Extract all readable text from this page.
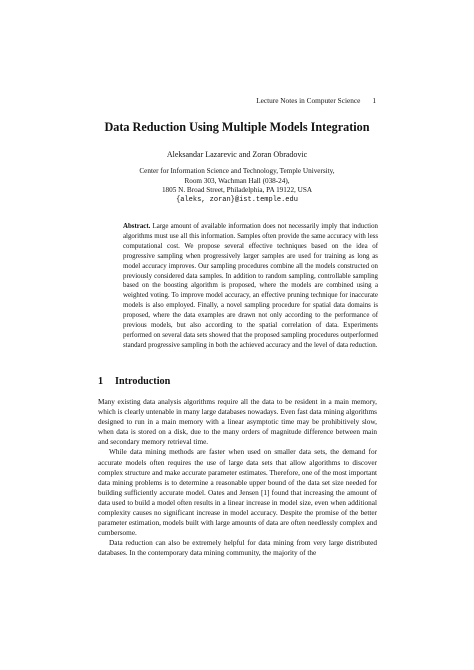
Lecture Notes in Computer Science 1
Data Reduction Using Multiple Models Integration
Aleksandar Lazarevic and Zoran Obradovic
Center for Information Science and Technology, Temple University,
Room 303, Wachman Hall (038-24),
1805 N. Broad Street, Philadelphia, PA 19122, USA
{aleks, zoran}@ist.temple.edu
Abstract. Large amount of available information does not necessarily imply that induction algorithms must use all this information. Samples often provide the same accuracy with less computational cost. We propose several effective techniques based on the idea of progressive sampling when progressively larger samples are used for training as long as model accuracy improves. Our sampling procedures combine all the models constructed on previously considered data samples. In addition to random sampling, controllable sampling based on the boosting algorithm is proposed, where the models are combined using a weighted voting. To improve model accuracy, an effective pruning technique for inaccurate models is also employed. Finally, a novel sampling procedure for spatial data domains is proposed, where the data examples are drawn not only according to the performance of previous models, but also according to the spatial correlation of data. Experiments performed on several data sets showed that the proposed sampling procedures outperformed standard progressive sampling in both the achieved accuracy and the level of data reduction.
1 Introduction

Many existing data analysis algorithms require all the data to be resident in a main memory, which is clearly untenable in many large databases nowadays. Even fast data mining algorithms designed to run in a main memory with a linear asymptotic time may be prohibitively slow, when data is stored on a disk, due to the many orders of magnitude difference between main and secondary memory retrieval time.

While data mining methods are faster when used on smaller data sets, the demand for accurate models often requires the use of large data sets that allow algorithms to discover complex structure and make accurate parameter estimates. Therefore, one of the most important data mining problems is to determine a reasonable upper bound of the data set size needed for building sufficiently accurate model. Oates and Jensen [1] found that increasing the amount of data used to build a model often results in a linear increase in model size, even when additional complexity causes no significant increase in model accuracy. Despite the promise of the better parameter estimation, models built with large amounts of data are often needlessly complex and cumbersome.

Data reduction can also be extremely helpful for data mining from very large distributed databases. In the contemporary data mining community, the majority of the
